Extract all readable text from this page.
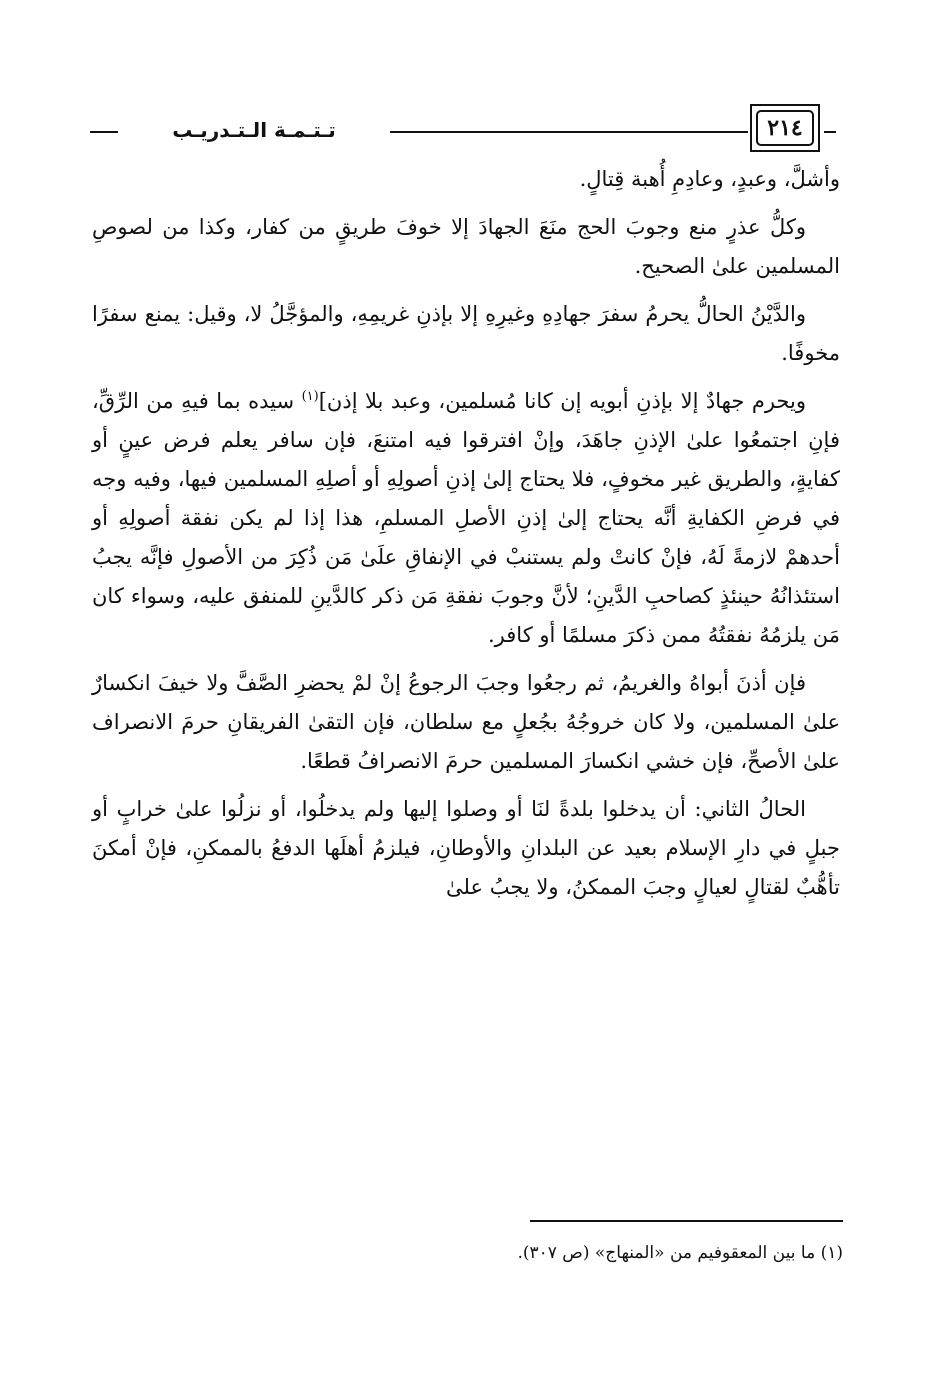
تـتـمـة الـتـدريـب	٢١٤

وأشلَّ، وعبدٍ، وعادِمِ أُهبة قِتالٍ.

وكلُّ عذرٍ منع وجوبَ الحج منَعَ الجهادَ إلا خوفَ طريقٍ من كفار، وكذا من لصوصِ المسلمين علىٰ الصحيح.

والدَّيْنُ الحالُّ يحرمُ سفرَ جهادِهِ وغيرِهِ إلا بإذنِ غريمِهِ، والمؤجَّلُ لا، وقيل: يمنع سفرًا مخوفًا.

ويحرم جهادٌ إلا بإذنِ أبويه إن كانا مُسلمين، وعبد بلا إذن]$^{(١)}$ سيده بما فيهِ من الرِّقِّ، فإنِ اجتمعُوا علىٰ الإذنِ جاهَدَ، وإنْ افترقوا فيه امتنعَ، فإن سافر يعلم فرض عينٍ أو كفايةٍ، والطريق غير مخوفٍ، فلا يحتاج إلىٰ إذنِ أصولِهِ أو أصلِهِ المسلمين فيها، وفيه وجه في فرضِ الكفايةِ أنَّه يحتاج إلىٰ إذنِ الأصلِ المسلمِ، هذا إذا لم يكن نفقة أصولِهِ أو أحدهمْ لازمةً لَهُ، فإنْ كانتْ ولم يستنبْ في الإنفاقِ علَىٰ مَن ذُكِرَ من الأصولِ فإنَّه يجبُ استئذانُهُ حينئذٍ كصاحبِ الدَّينِ؛ لأنَّ وجوبَ نفقةِ مَن ذكر كالدَّينِ للمنفق عليه، وسواء كان مَن يلزمُهُ نفقتُهُ ممن ذكرَ مسلمًا أو كافر.

فإن أذنَ أبواهُ والغريمُ، ثم رجعُوا وجبَ الرجوعُ إنْ لمْ يحضرِ الصَّفَّ ولا خيفَ انكسارٌ علىٰ المسلمين، ولا كان خروجُهُ بجُعلٍ مع سلطان، فإن التقىٰ الفريقانِ حرمَ الانصراف علىٰ الأصحِّ، فإن خشي انكسارَ المسلمين حرمَ الانصرافُ قطعًا.

الحالُ الثاني: أن يدخلوا بلدةً لنَا أو وصلوا إليها ولم يدخلُوا، أو نزلُوا علىٰ خرابٍ أو جبلٍ في دارِ الإسلام بعيد عن البلدانِ والأوطانِ، فيلزمُ أهلَها الدفعُ بالممكنِ، فإنْ أمكنَ تأهُّبٌ لقتالٍ لعيالٍ وجبَ الممكنُ، ولا يجبُ علىٰ

(١) ما بين المعقوفيم من «المنهاج» (ص ٣٠٧).
